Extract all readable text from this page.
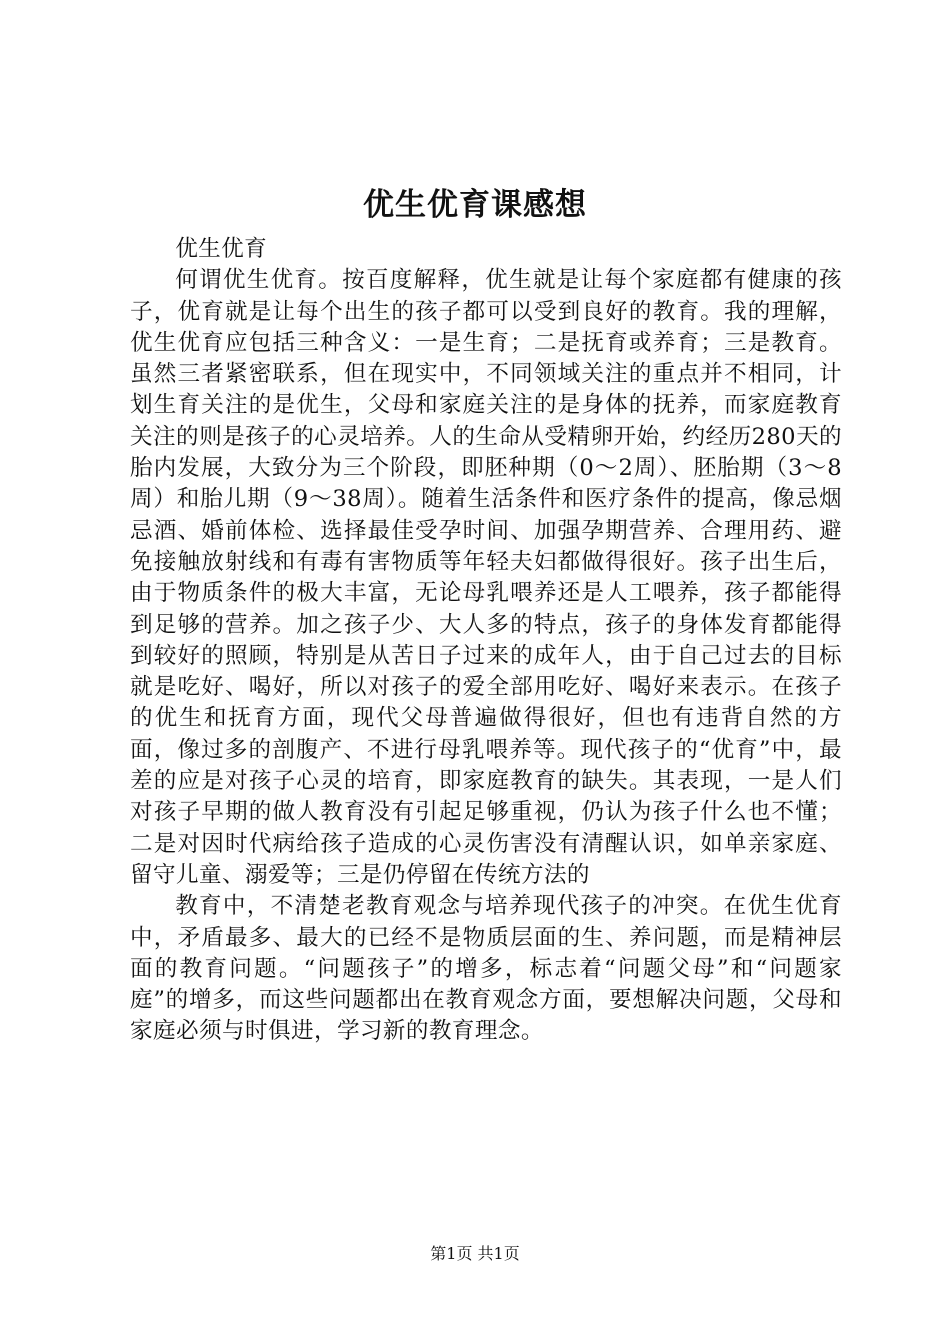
优生优育课感想

优生优育

何谓优生优育。按百度解释，优生就是让每个家庭都有健康的孩子，优育就是让每个出生的孩子都可以受到良好的教育。我的理解，优生优育应包括三种含义：一是生育；二是抚育或养育；三是教育。虽然三者紧密联系，但在现实中，不同领域关注的重点并不相同，计划生育关注的是优生，父母和家庭关注的是身体的抚养，而家庭教育关注的则是孩子的心灵培养。人的生命从受精卵开始，约经历280天的胎内发展，大致分为三个阶段，即胚种期（0～2周）、胚胎期（3～8周）和胎儿期（9～38周）。随着生活条件和医疗条件的提高，像忌烟忌酒、婚前体检、选择最佳受孕时间、加强孕期营养、合理用药、避免接触放射线和有毒有害物质等年轻夫妇都做得很好。孩子出生后，由于物质条件的极大丰富，无论母乳喂养还是人工喂养，孩子都能得到足够的营养。加之孩子少、大人多的特点，孩子的身体发育都能得到较好的照顾，特别是从苦日子过来的成年人，由于自己过去的目标就是吃好、喝好，所以对孩子的爱全部用吃好、喝好来表示。在孩子的优生和抚育方面，现代父母普遍做得很好，但也有违背自然的方面，像过多的剖腹产、不进行母乳喂养等。现代孩子的“优育”中，最差的应是对孩子心灵的培育，即家庭教育的缺失。其表现，一是人们对孩子早期的做人教育没有引起足够重视，仍认为孩子什么也不懂；二是对因时代病给孩子造成的心灵伤害没有清醒认识，如单亲家庭、留守儿童、溺爱等；三是仍停留在传统方法的

教育中，不清楚老教育观念与培养现代孩子的冲突。在优生优育中，矛盾最多、最大的已经不是物质层面的生、养问题，而是精神层面的教育问题。“问题孩子”的增多，标志着“问题父母”和“问题家庭”的增多，而这些问题都出在教育观念方面，要想解决问题，父母和家庭必须与时俱进，学习新的教育理念。

第1页 共1页
